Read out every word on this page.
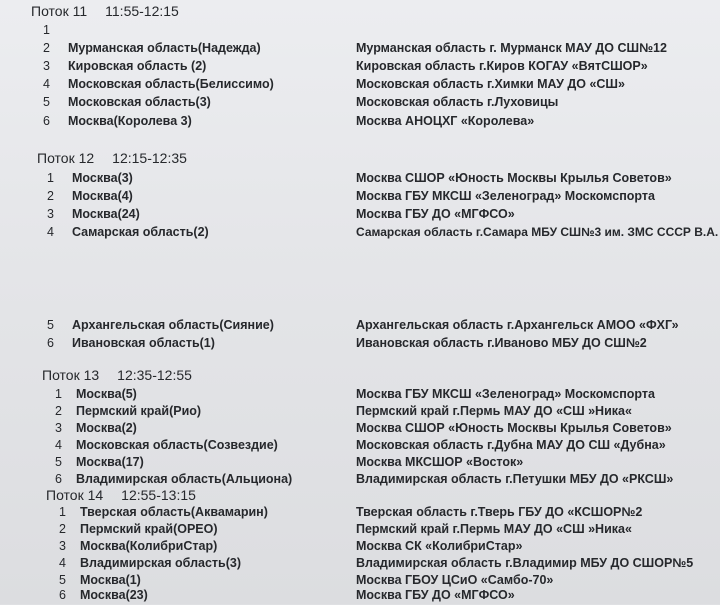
Поток 11 11:55-12:15
1
2 Мурманская область(Надежда)	Мурманская область г. Мурманск МАУ ДО СШ№12
3 Кировская область (2)	Кировская область г.Киров КОГАУ «ВятСШОР»
4 Московская область(Белиссимо)	Московская область г.Химки МАУ ДО «СШ»
5 Московская область(3)	Московская область г.Луховицы
6 Москва(Королева 3)	Москва АНОЦХГ «Королева»
Поток 12 12:15-12:35
1 Москва(3)	Москва СШОР «Юность Москвы Крылья Советов»
2 Москва(4)	Москва ГБУ МКСШ «Зеленоград» Москомспорта
3 Москва(24)	Москва ГБУ ДО «МГФСО»
4 Самарская область(2)	Самарская область г.Самара МБУ СШ№3 им. ЗМС СССР В.А.
5 Архангельская область(Сияние)	Архангельская область г.Архангельск АМОО «ФХГ»
6 Ивановская область(1)	Ивановская область г.Иваново МБУ ДО СШ№2
Поток 13 12:35-12:55
1 Москва(5)	Москва ГБУ МКСШ «Зеленоград» Москомспорта
2 Пермский край(Рио)	Пермский край г.Пермь МАУ ДО «СШ »Ника«
3 Москва(2)	Москва СШОР «Юность Москвы Крылья Советов»
4 Московская область(Созвездие)	Московская область г.Дубна МАУ ДО СШ «Дубна»
5 Москва(17)	Москва МКСШОР «Восток»
6 Владимирская область(Альциона)	Владимирская область г.Петушки МБУ ДО «РКСШ»
Поток 14 12:55-13:15
1 Тверская область(Аквамарин)	Тверская область г.Тверь ГБУ ДО «КСШОР№2
2 Пермский край(ОРЕО)	Пермский край г.Пермь МАУ ДО «СШ »Ника«
3 Москва(КолибриСтар)	Москва СК «КолибриСтар»
4 Владимирская область(3)	Владимирская область г.Владимир МБУ ДО СШОР№5
5 Москва(1)	Москва ГБОУ ЦСиО «Самбо-70»
6 Москва(23)	Москва ГБУ ДО «МГФСО»
